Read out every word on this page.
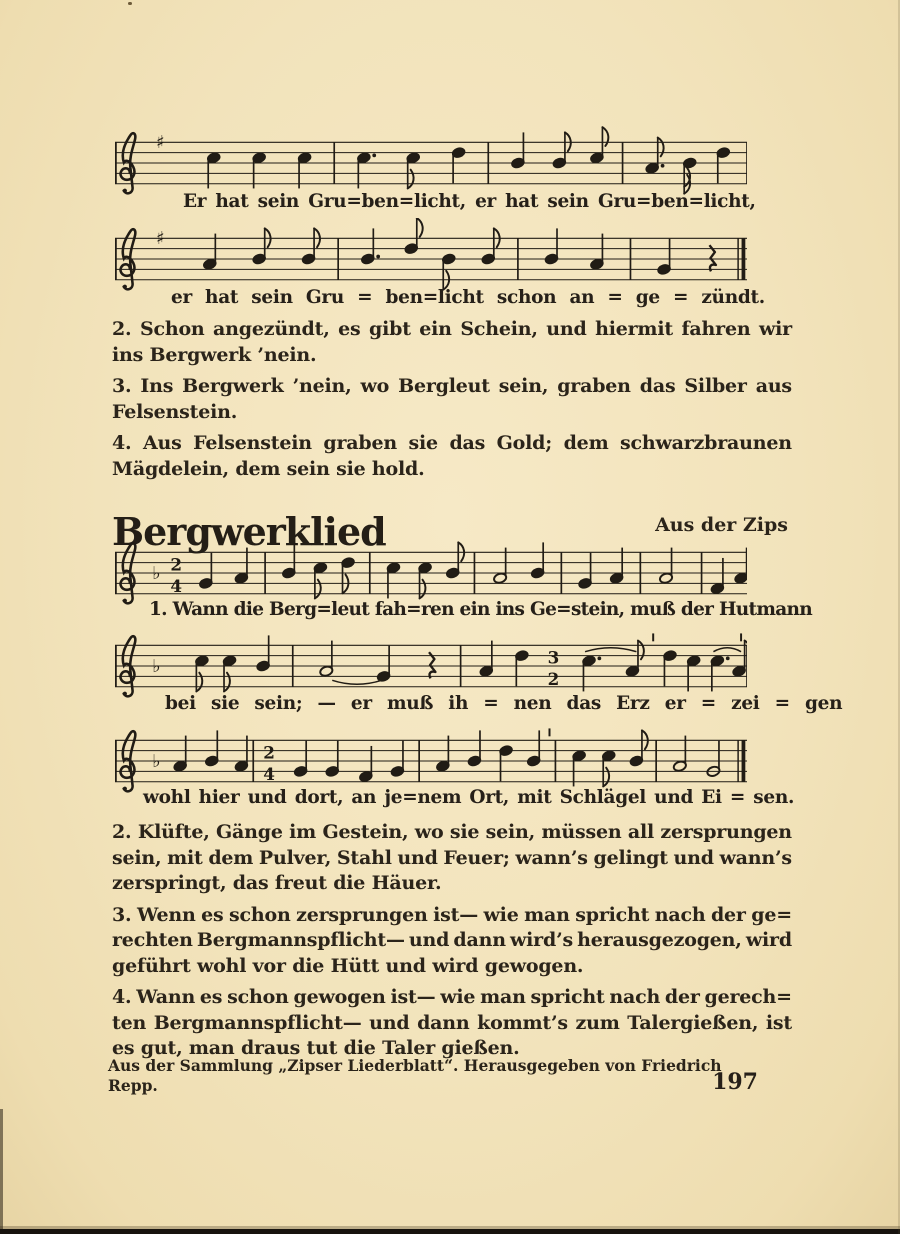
♯
Er hat sein Gru=ben=licht, er hat sein Gru=ben=licht,
♯
er hat sein Gru = ben=licht schon an = ge = zündt.

2. Schon angezündt, es gibt ein Schein, und hiermit fahren wir
ins Bergwerk ’nein.

3. Ins Bergwerk ’nein, wo Bergleut sein, graben das Silber aus
Felsenstein.

4. Aus Felsenstein graben sie das Gold; dem schwarzbraunen
Mägdelein, dem sein sie hold.

Bergwerklied	Aus der Zips
♭ 2
4
1. Wann die Berg=leut fah=ren ein ins Ge=stein, muß der Hutmann
♭	3
2
bei sie sein; — er muß ih = nen das Erz er = zei = gen
♭	2
4
wohl hier und dort, an je=nem Ort, mit Schlägel und Ei = sen.

2. Klüfte, Gänge im Gestein, wo sie sein, müssen all zersprungen
sein, mit dem Pulver, Stahl und Feuer; wann’s gelingt und wann’s
zerspringt, das freut die Häuer.

3. Wenn es schon zersprungen ist— wie man spricht nach der ge=
rechten Bergmannspflicht— und dann wird’s herausgezogen, wird
geführt wohl vor die Hütt und wird gewogen.

4. Wann es schon gewogen ist— wie man spricht nach der gerech=
ten Bergmannspflicht— und dann kommt’s zum Talergießen, ist
es gut, man draus tut die Taler gießen.

Aus der Sammlung „Zipser Liederblatt“. Herausgegeben von Friedrich Repp.	197
